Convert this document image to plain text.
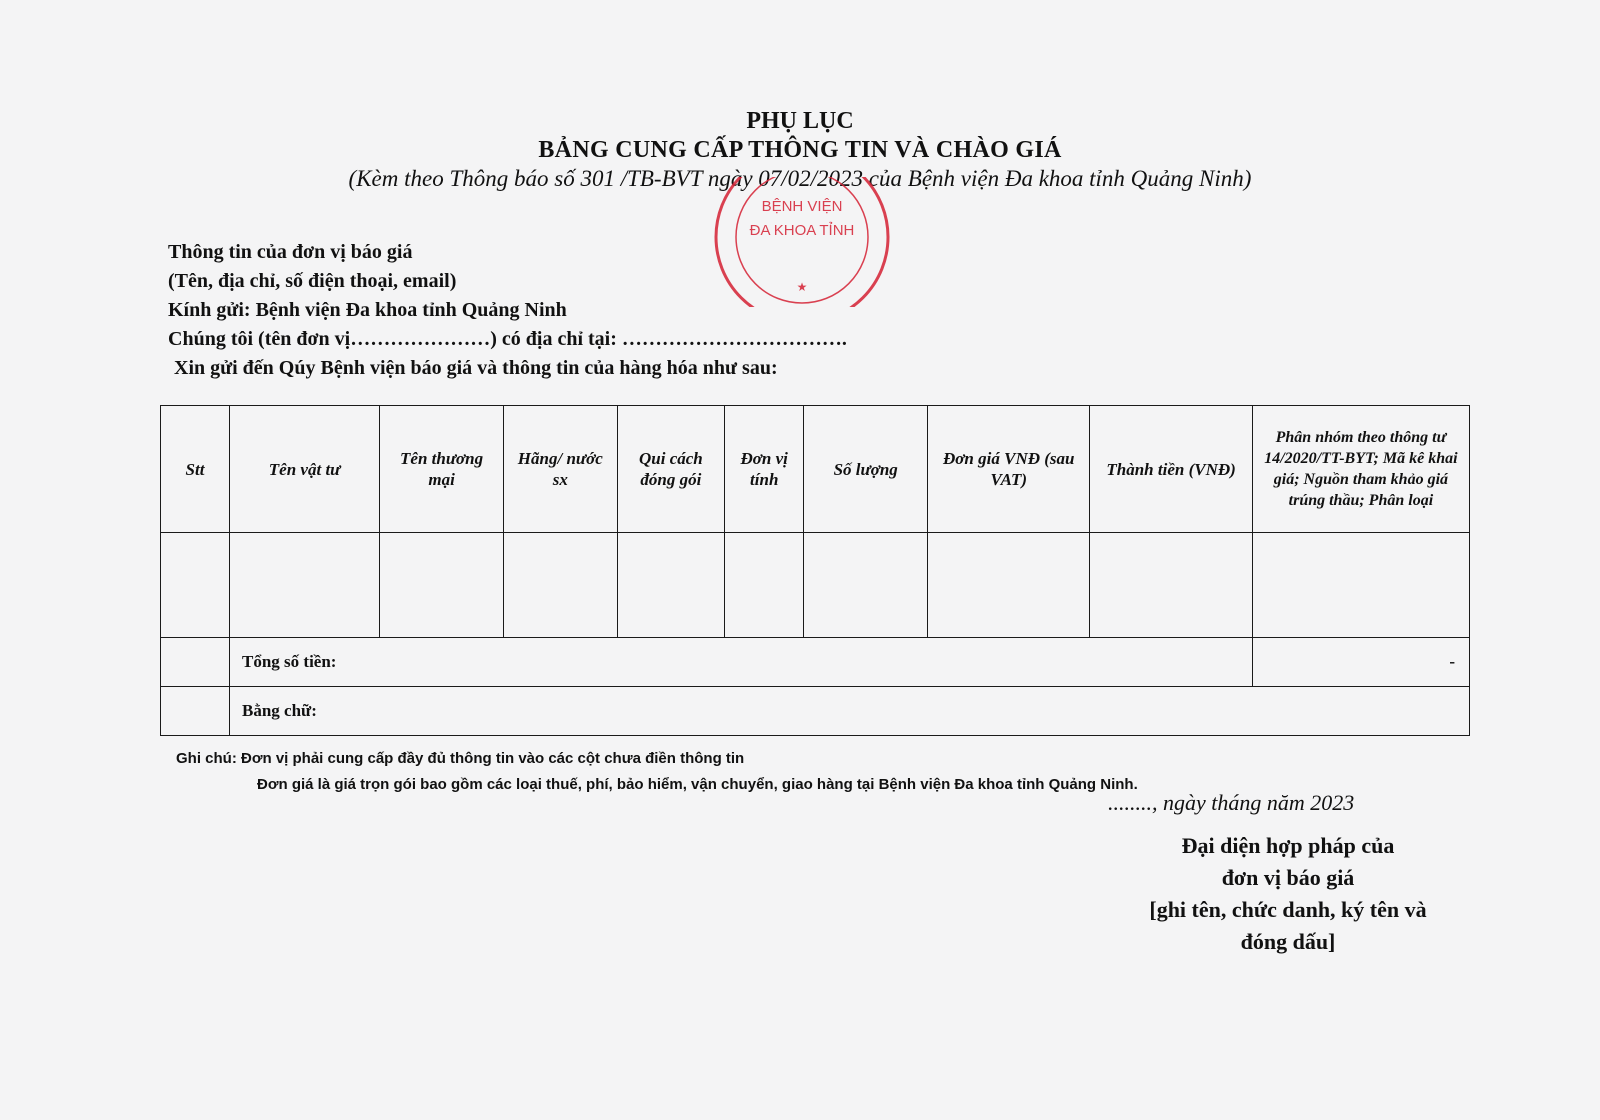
PHỤ LỤC
BẢNG CUNG CẤP THÔNG TIN VÀ CHÀO GIÁ
(Kèm theo Thông báo số 301 /TB-BVT ngày 07/02/2023 của Bệnh viện Đa khoa tỉnh Quảng Ninh)
BỆNH VIỆN
ĐA KHOA TỈNH
★
Thông tin của đơn vị báo giá
(Tên, địa chỉ, số điện thoại, email)
Kính gửi: Bệnh viện Đa khoa tỉnh Quảng Ninh
Chúng tôi (tên đơn vị…………………) có địa chỉ tại: …………………………….
Xin gửi đến Qúy Bệnh viện báo giá và thông tin của hàng hóa như sau:
Stt	Tên vật tư	Tên thương mại	Hãng/ nước sx	Qui cách đóng gói	Đơn vị tính	Số lượng	Đơn giá VNĐ (sau VAT)	Thành tiền (VNĐ)	Phân nhóm theo thông tư 14/2020/TT-BYT; Mã kê khai giá; Nguồn tham khảo giá trúng thầu; Phân loại

	Tổng số tiền:								-
	Bằng chữ:								
Ghi chú: Đơn vị phải cung cấp đầy đủ thông tin vào các cột chưa điền thông tin
Đơn giá là giá trọn gói bao gồm các loại thuế, phí, bảo hiểm, vận chuyển, giao hàng tại Bệnh viện Đa khoa tỉnh Quảng Ninh.
........, ngày tháng năm 2023
Đại diện hợp pháp của
đơn vị báo giá
[ghi tên, chức danh, ký tên và
đóng dấu]
